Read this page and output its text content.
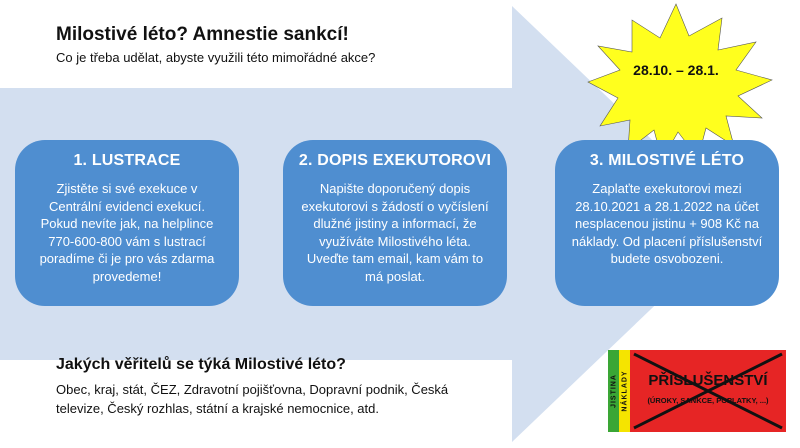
Milostivé léto? Amnestie sankcí!
Co je třeba udělat, abyste využili této mimořádné akce?
28.10. – 28.1.
1. LUSTRACE

Zjistěte si své exekuce v Centrální evidenci exekucí. Pokud nevíte jak, na helplince 770-600-800 vám s lustrací poradíme či je pro vás zdarma provedeme!

2. DOPIS EXEKUTOROVI

Napište doporučený dopis exekutorovi s žádostí o vyčíslení dlužné jistiny a informací, že využíváte Milostivého léta. Uveďte tam email, kam vám to má poslat.

3. MILOSTIVÉ LÉTO

Zaplaťte exekutorovi mezi 28.10.2021 a 28.1.2022 na účet nesplacenou jistinu + 908 Kč na náklady. Od placení příslušenství budete osvobozeni.

Jakých věřitelů se týká Milostivé léto?
Obec, kraj, stát, ČEZ, Zdravotní pojišťovna, Dopravní podnik, Česká televize, Český rozhlas, státní a krajské nemocnice, atd.
JISTINA NÁKLADY	PŘÍSLUŠENSTVÍ
(ÚROKY, SANKCE, POPLATKY, ...)
